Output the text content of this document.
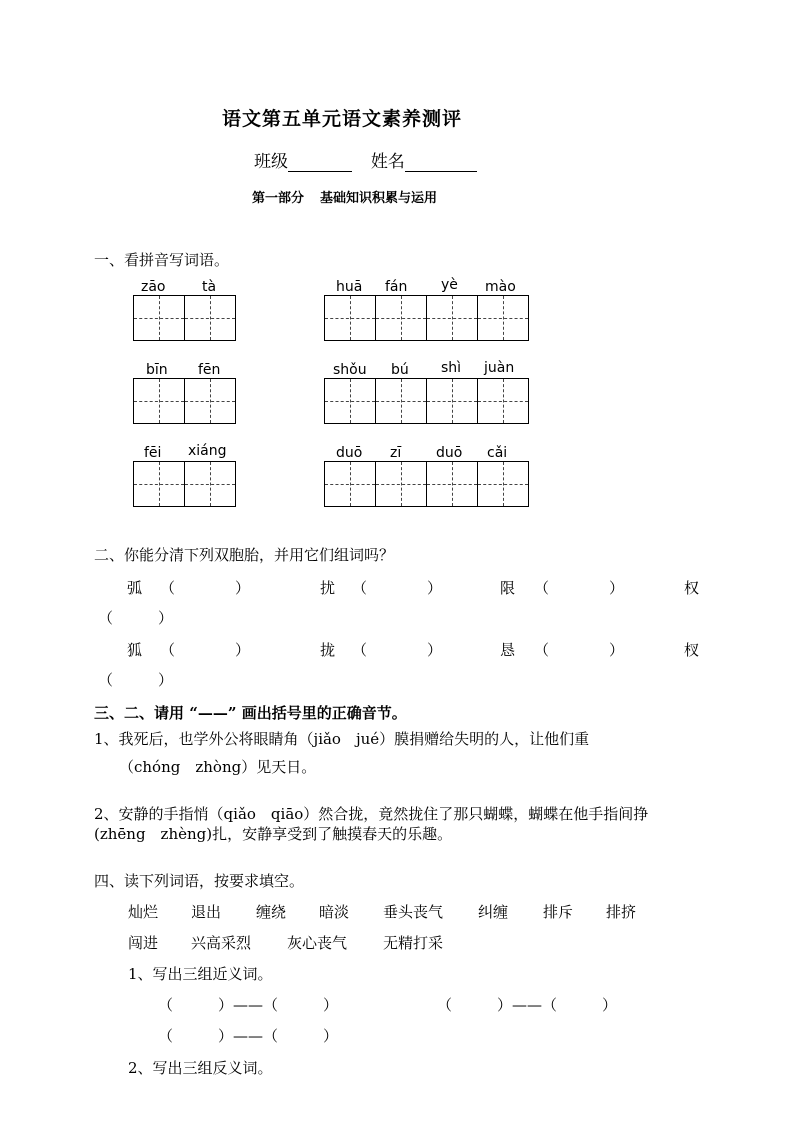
语文第五单元语文素养测评
班级	姓名
第一部分 基础知识积累与运用
一、看拼音写词语。
zāo	tà	huā fán yè mào
bīn fēn	shǒu bú shì juàn
fēi xiáng	duō zī duō cǎi
二、你能分清下列双胞胎，并用它们组词吗？
弧 （　　　　）	扰 （　　　　）	限 （　　　　）	权
（　　　）
狐 （　　　　）	拢 （　　　　）	恳 （　　　　）	杈
（　　　）
三、二、请用 “——” 画出括号里的正确音节。
1、我死后，也学外公将眼睛角（jiǎo　jué）膜捐赠给失明的人，让他们重
（chóng　zhòng）见天日。
2、安静的手指悄（qiǎo　qiāo）然合拢，竟然拢住了那只蝴蝶，蝴蝶在他手指间挣
(zhēng　zhèng)扎，安静享受到了触摸春天的乐趣。
四、读下列词语，按要求填空。
灿烂 退出 缠绕 暗淡 垂头丧气 纠缠 排斥 排挤
闯进 兴高采烈 灰心丧气 无精打采
1、写出三组近义词。
（　　　）——（　　　）	（　　　）——（　　　）
（　　　）——（　　　）
2、写出三组反义词。
